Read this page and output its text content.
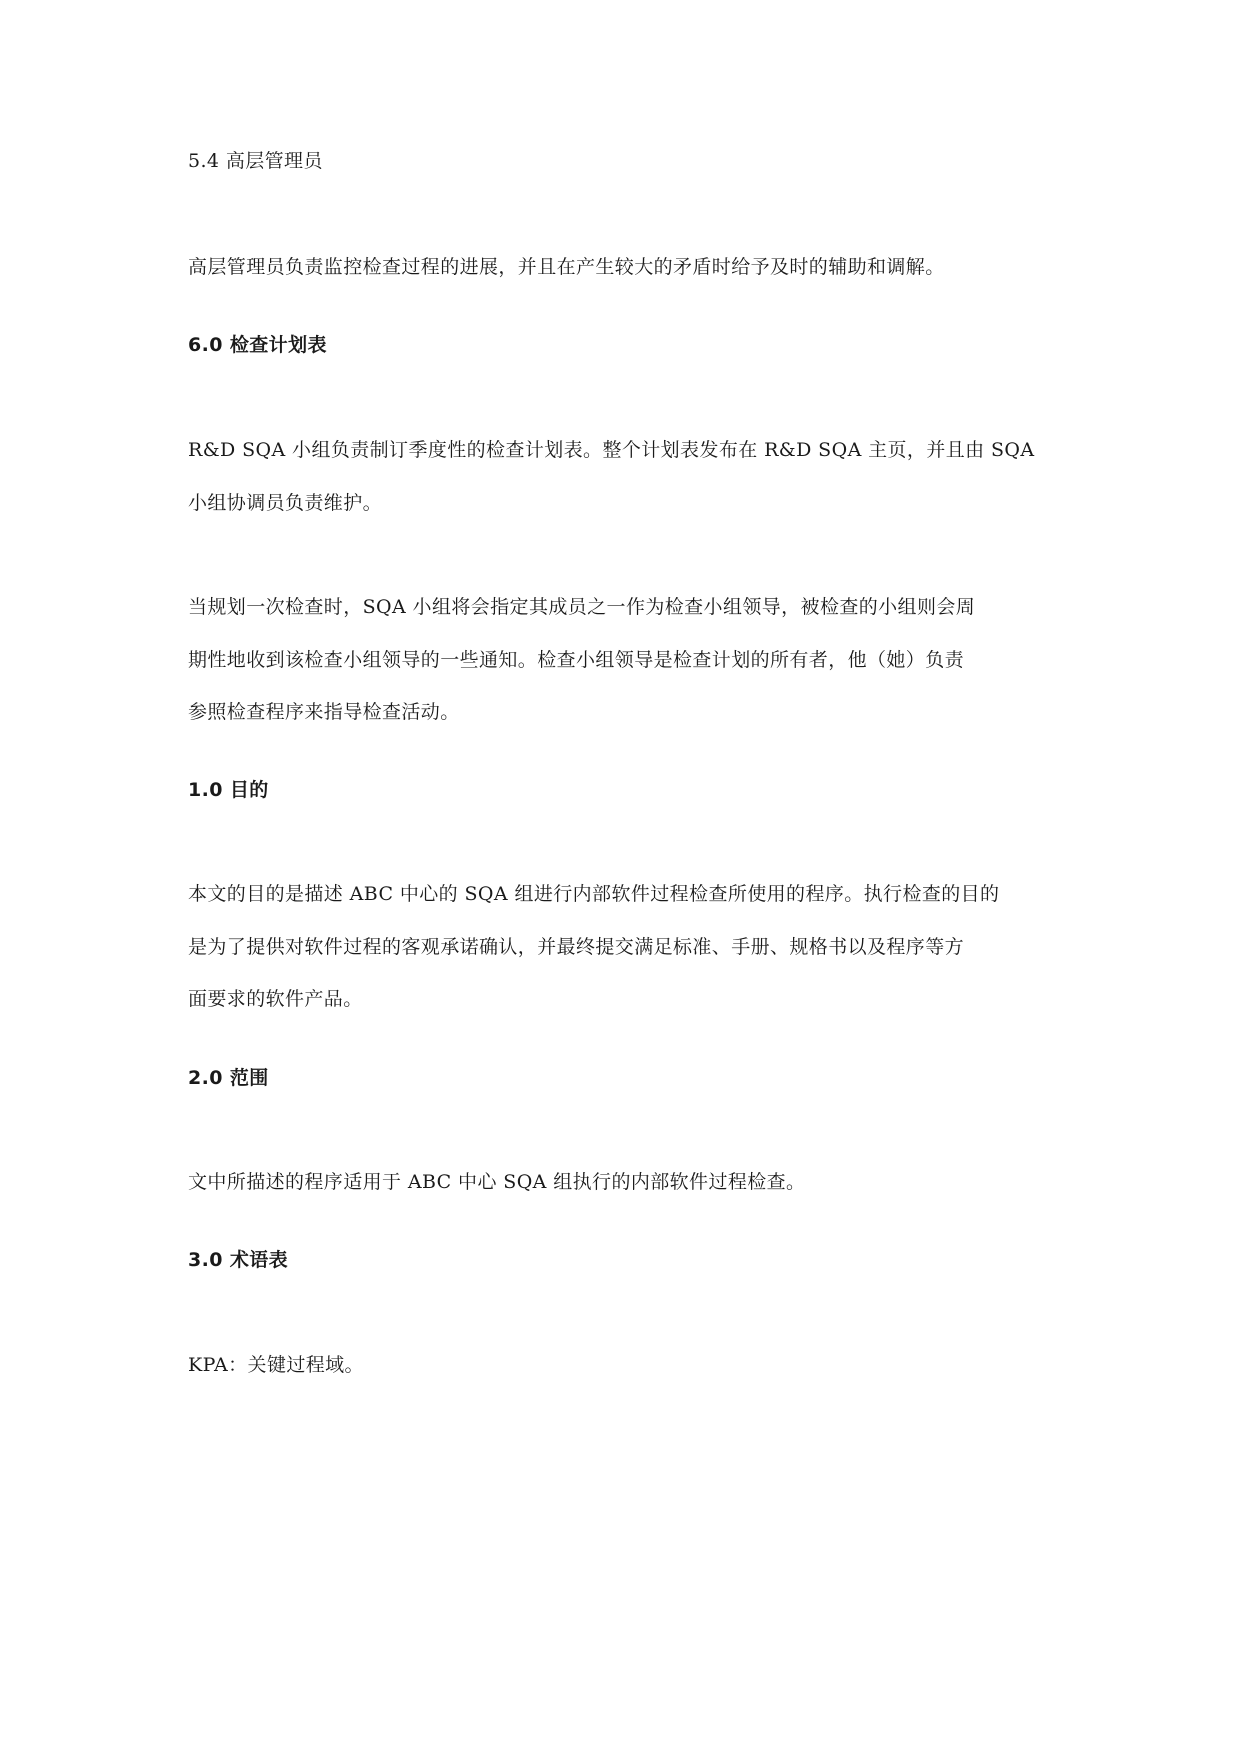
5.4 高层管理员
高层管理员负责监控检查过程的进展，并且在产生较大的矛盾时给予及时的辅助和调解。
6.0 检查计划表
R&D SQA 小组负责制订季度性的检查计划表。整个计划表发布在 R&D SQA 主页，并且由 SQA
小组协调员负责维护。
当规划一次检查时，SQA 小组将会指定其成员之一作为检查小组领导，被检查的小组则会周
期性地收到该检查小组领导的一些通知。检查小组领导是检查计划的所有者，他（她）负责
参照检查程序来指导检查活动。
1.0 目的
本文的目的是描述 ABC 中心的 SQA 组进行内部软件过程检查所使用的程序。执行检查的目的
是为了提供对软件过程的客观承诺确认，并最终提交满足标准、手册、规格书以及程序等方
面要求的软件产品。
2.0 范围
文中所描述的程序适用于 ABC 中心 SQA 组执行的内部软件过程检查。
3.0 术语表
KPA：关键过程域。
